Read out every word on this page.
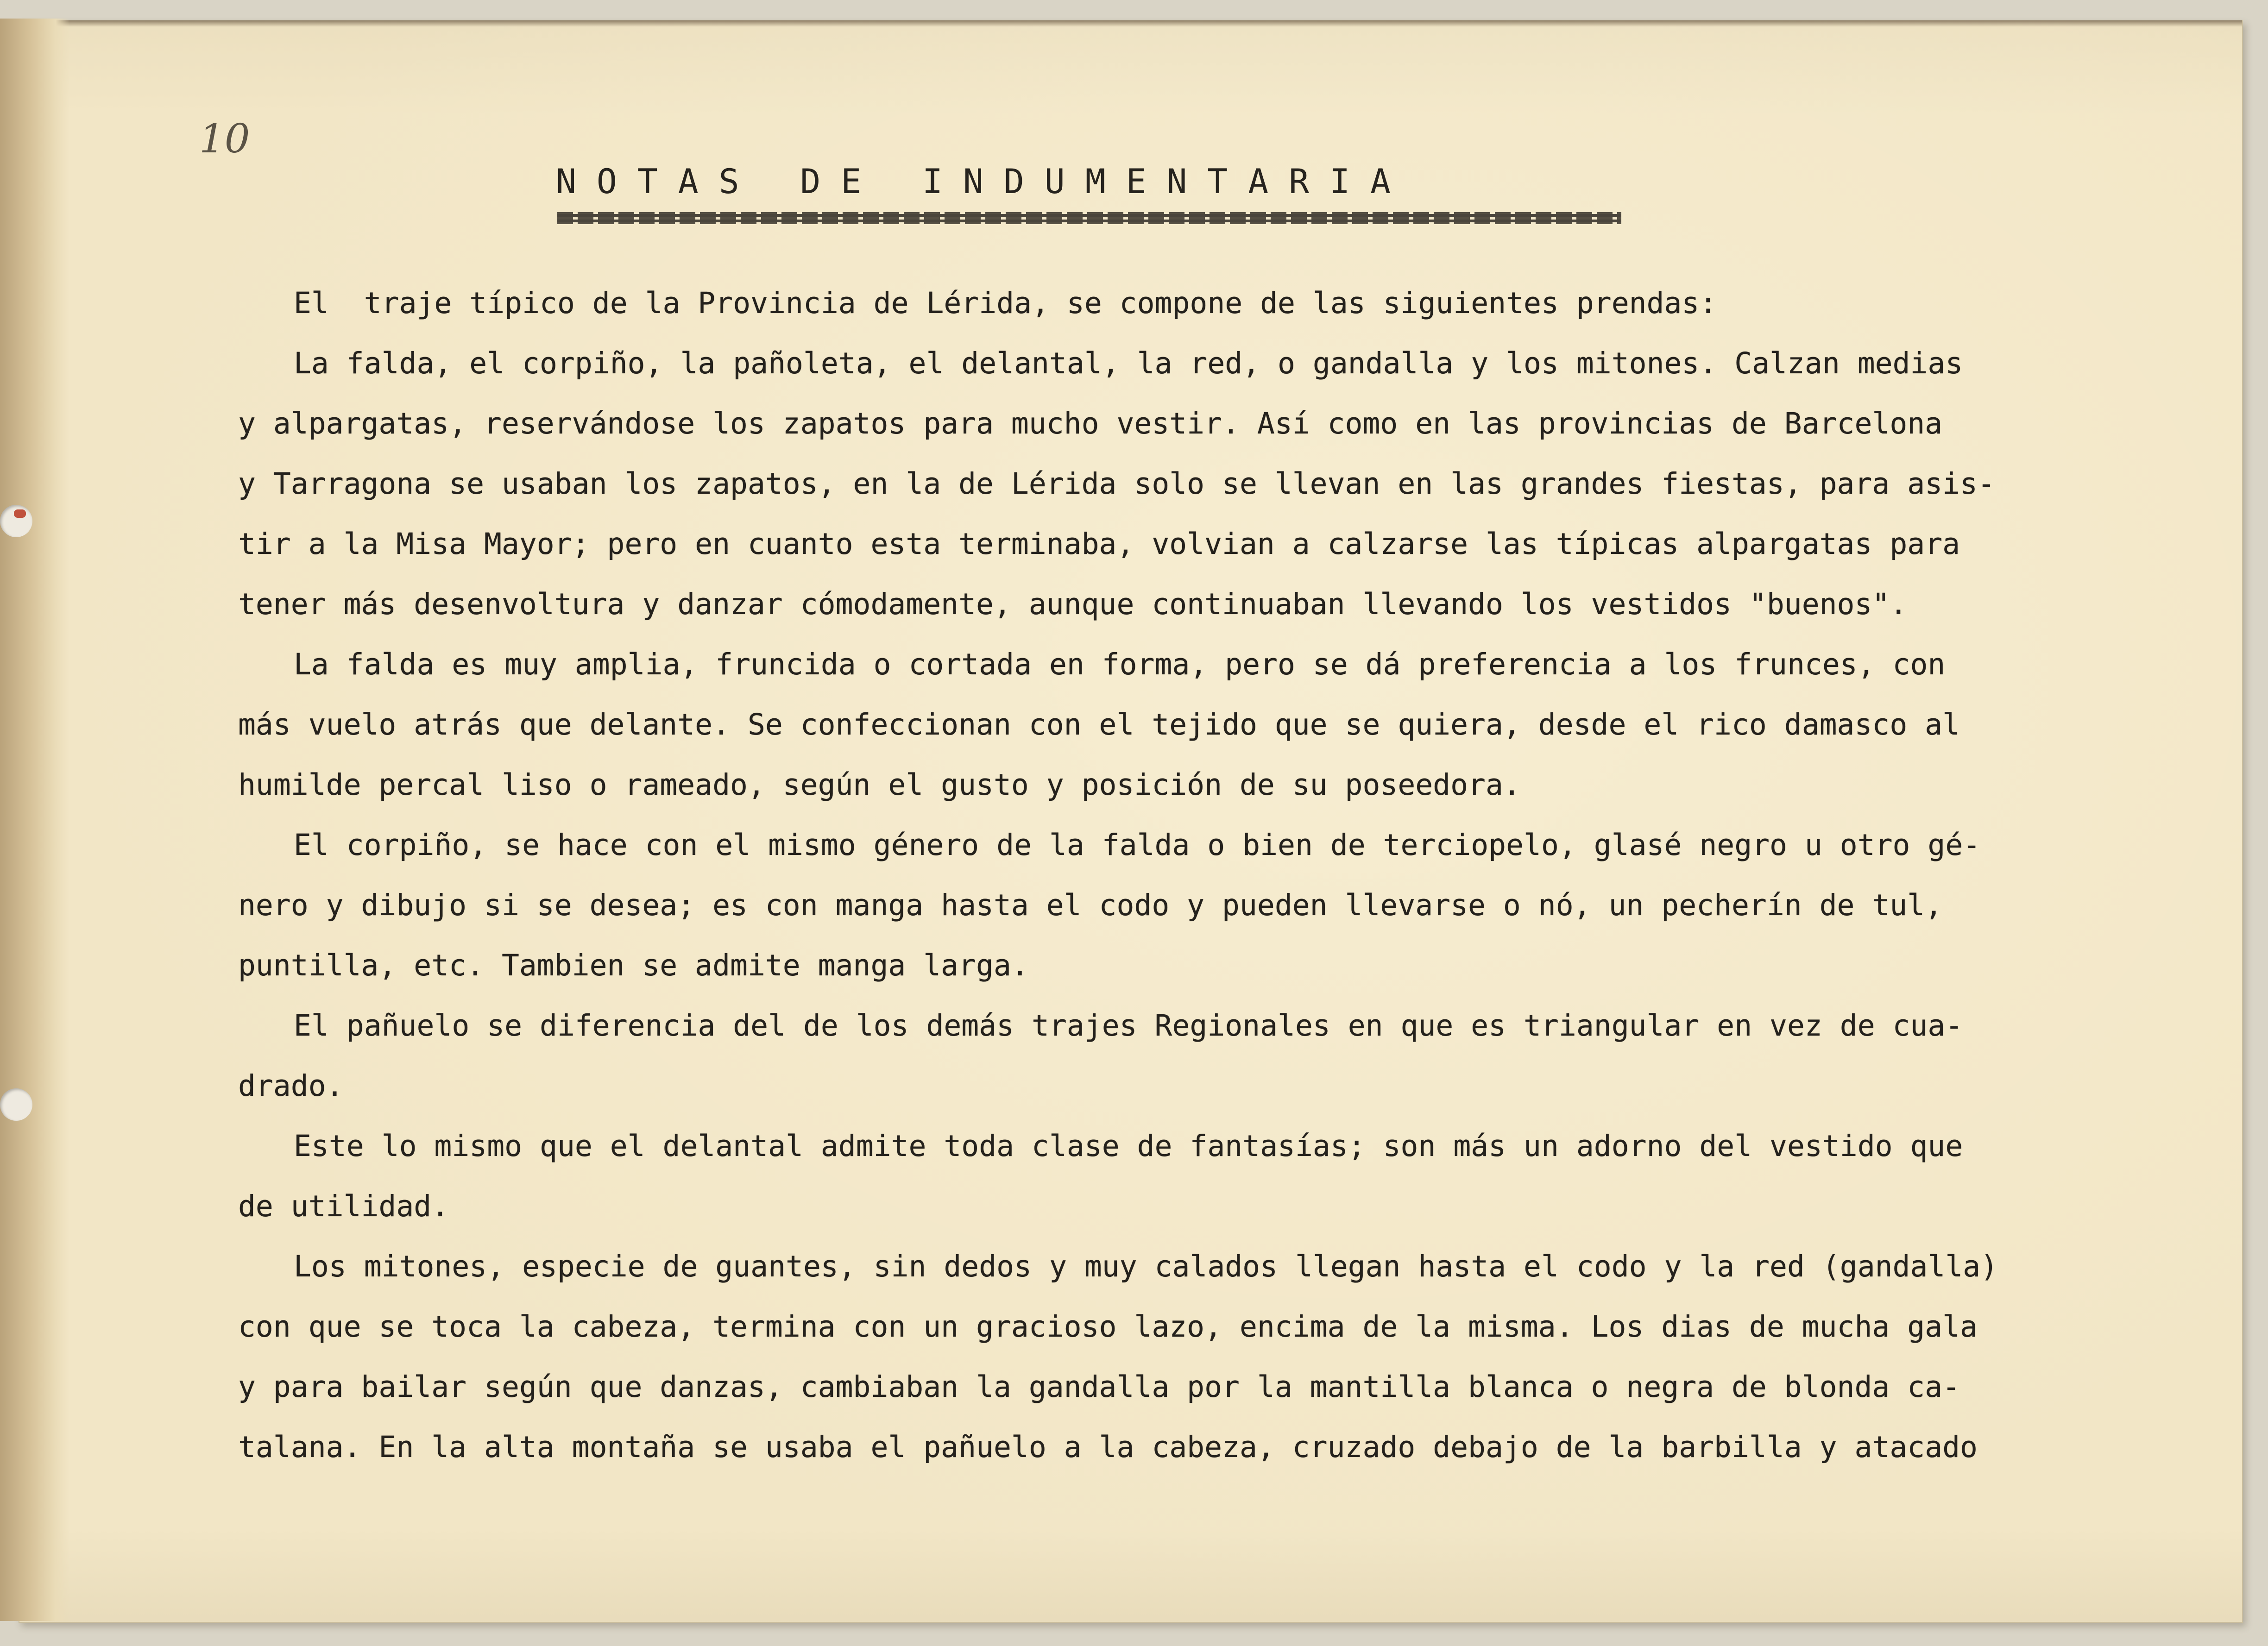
10
N O T A S   D E   I N D U M E N T A R I A
El  traje típico de la Provincia de Lérida, se compone de las siguientes prendas:
La falda, el corpiño, la pañoleta, el delantal, la red, o gandalla y los mitones. Calzan medias
y alpargatas, reservándose los zapatos para mucho vestir. Así como en las provincias de Barcelona
y Tarragona se usaban los zapatos, en la de Lérida solo se llevan en las grandes fiestas, para asis-
tir a la Misa Mayor; pero en cuanto esta terminaba, volvian a calzarse las típicas alpargatas para
tener más desenvoltura y danzar cómodamente, aunque continuaban llevando los vestidos "buenos".
La falda es muy amplia, fruncida o cortada en forma, pero se dá preferencia a los frunces, con
más vuelo atrás que delante. Se confeccionan con el tejido que se quiera, desde el rico damasco al
humilde percal liso o rameado, según el gusto y posición de su poseedora.
El corpiño, se hace con el mismo género de la falda o bien de terciopelo, glasé negro u otro gé-
nero y dibujo si se desea; es con manga hasta el codo y pueden llevarse o nó, un pecherín de tul,
puntilla, etc. Tambien se admite manga larga.
El pañuelo se diferencia del de los demás trajes Regionales en que es triangular en vez de cua-
drado.
Este lo mismo que el delantal admite toda clase de fantasías; son más un adorno del vestido que
de utilidad.
Los mitones, especie de guantes, sin dedos y muy calados llegan hasta el codo y la red (gandalla)
con que se toca la cabeza, termina con un gracioso lazo, encima de la misma. Los dias de mucha gala
y para bailar según que danzas, cambiaban la gandalla por la mantilla blanca o negra de blonda ca-
talana. En la alta montaña se usaba el pañuelo a la cabeza, cruzado debajo de la barbilla y atacado
